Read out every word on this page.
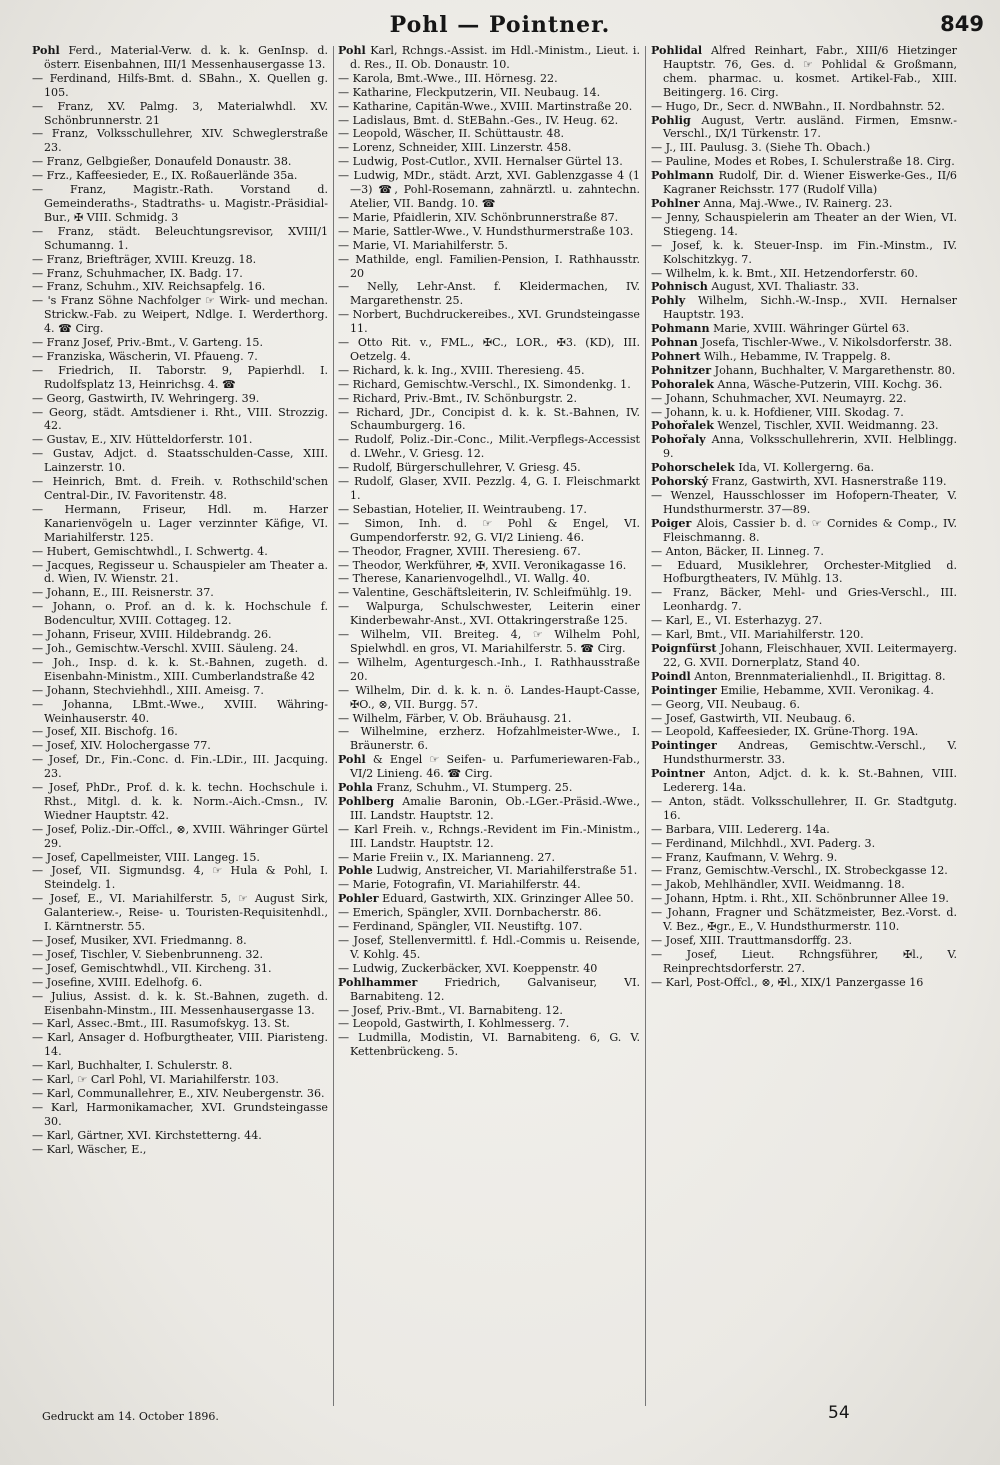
Pohl — Pointner.	849
Pohl Ferd., Material-Verw. d. k. k. GenInsp. d. österr. Eisenbahnen, III/1 Messenhausergasse 13.
— Ferdinand, Hilfs-Bmt. d. SBahn., X. Quellen g. 105.
— Franz, XV. Palmg. 3, Materialwhdl. XV. Schönbrunnerstr. 21
— Franz, Volksschullehrer, XIV. Schweglerstraße 23.
— Franz, Gelbgießer, Donaufeld Donaustr. 38.
— Frz., Kaffeesieder, E., IX. Roßauerlände 35a.
— Franz, Magistr.-Rath. Vorstand d. Gemeinderaths-, Stadtraths- u. Magistr.-Präsidial-Bur., ✠ VIII. Schmidg. 3
— Franz, städt. Beleuchtungsrevisor, XVIII/1 Schumanng. 1.
— Franz, Briefträger, XVIII. Kreuzg. 18.
— Franz, Schuhmacher, IX. Badg. 17.
— Franz, Schuhm., XIV. Reichsapfelg. 16.
— 's Franz Söhne Nachfolger ☞ Wirk- und mechan. Strickw.-Fab. zu Weipert, Ndlge. I. Werderthorg. 4. ☎ Cirg.
— Franz Josef, Priv.-Bmt., V. Garteng. 15.
— Franziska, Wäscherin, VI. Pfaueng. 7.
— Friedrich, II. Taborstr. 9, Papierhdl. I. Rudolfsplatz 13, Heinrichsg. 4. ☎
— Georg, Gastwirth, IV. Wehringerg. 39.
— Georg, städt. Amtsdiener i. Rht., VIII. Strozzig. 42.
— Gustav, E., XIV. Hütteldorferstr. 101.
— Gustav, Adjct. d. Staatsschulden-Casse, XIII. Lainzerstr. 10.
— Heinrich, Bmt. d. Freih. v. Rothschild'schen Central-Dir., IV. Favoritenstr. 48.
— Hermann, Friseur, Hdl. m. Harzer Kanarienvögeln u. Lager verzinnter Käfige, VI. Mariahilferstr. 125.
— Hubert, Gemischtwhdl., I. Schwertg. 4.
— Jacques, Regisseur u. Schauspieler am Theater a. d. Wien, IV. Wienstr. 21.
— Johann, E., III. Reisnerstr. 37.
— Johann, o. Prof. an d. k. k. Hochschule f. Bodencultur, XVIII. Cottageg. 12.
— Johann, Friseur, XVIII. Hildebrandg. 26.
— Joh., Gemischtw.-Verschl. XVIII. Säuleng. 24.
— Joh., Insp. d. k. k. St.-Bahnen, zugeth. d. Eisenbahn-Ministm., XIII. Cumberlandstraße 42
— Johann, Stechviehhdl., XIII. Ameisg. 7.
— Johanna, LBmt.-Wwe., XVIII. Währing-Weinhauserstr. 40.
— Josef, XII. Bischofg. 16.
— Josef, XIV. Holochergasse 77.
— Josef, Dr., Fin.-Conc. d. Fin.-LDir., III. Jacquing. 23.
— Josef, PhDr., Prof. d. k. k. techn. Hochschule i. Rhst., Mitgl. d. k. k. Norm.-Aich.-Cmsn., IV. Wiedner Hauptstr. 42.
— Josef, Poliz.-Dir.-Offcl., ⊗, XVIII. Währinger Gürtel 29.
— Josef, Capellmeister, VIII. Langeg. 15.
— Josef, VII. Sigmundsg. 4, ☞ Hula & Pohl, I. Steindelg. 1.
— Josef, E., VI. Mariahilferstr. 5, ☞ August Sirk, Galanteriew.-, Reise- u. Touristen-Requisitenhdl., I. Kärntnerstr. 55.
— Josef, Musiker, XVI. Friedmanng. 8.
— Josef, Tischler, V. Siebenbrunneng. 32.
— Josef, Gemischtwhdl., VII. Kircheng. 31.
— Josefine, XVIII. Edelhofg. 6.
— Julius, Assist. d. k. k. St.-Bahnen, zugeth. d. Eisenbahn-Minstm., III. Messenhausergasse 13.
— Karl, Assec.-Bmt., III. Rasumofskyg. 13. St.
— Karl, Ansager d. Hofburgtheater, VIII. Piaristeng. 14.
— Karl, Buchhalter, I. Schulerstr. 8.
— Karl, ☞ Carl Pohl, VI. Mariahilferstr. 103.
— Karl, Communallehrer, E., XIV. Neubergenstr. 36.
— Karl, Harmonikamacher, XVI. Grundsteingasse 30.
— Karl, Gärtner, XVI. Kirchstetterng. 44.
— Karl, Wäscher, E.,
Pohl Karl, Rchngs.-Assist. im Hdl.-Ministm., Lieut. i. d. Res., II. Ob. Donaustr. 10.
— Karola, Bmt.-Wwe., III. Hörnesg. 22.
— Katharine, Fleckputzerin, VII. Neubaug. 14.
— Katharine, Capitän-Wwe., XVIII. Martinstraße 20.
— Ladislaus, Bmt. d. StEBahn.-Ges., IV. Heug. 62.
— Leopold, Wäscher, II. Schüttaustr. 48.
— Lorenz, Schneider, XIII. Linzerstr. 458.
— Ludwig, Post-Cutlor., XVII. Hernalser Gürtel 13.
— Ludwig, MDr., städt. Arzt, XVI. Gablenzgasse 4 (1—3) ☎, Pohl-Rosemann, zahnärztl. u. zahntechn. Atelier, VII. Bandg. 10. ☎
— Marie, Pfaidlerin, XIV. Schönbrunnerstraße 87.
— Marie, Sattler-Wwe., V. Hundsthurmerstraße 103.
— Marie, VI. Mariahilferstr. 5.
— Mathilde, engl. Familien-Pension, I. Rathhausstr. 20
— Nelly, Lehr-Anst. f. Kleidermachen, IV. Margarethenstr. 25.
— Norbert, Buchdruckereibes., XVI. Grundsteingasse 11.
— Otto Rit. v., FML., ✠C., LOR., ✠3. (KD), III. Oetzelg. 4.
— Richard, k. k. Ing., XVIII. Theresieng. 45.
— Richard, Gemischtw.-Verschl., IX. Simondenkg. 1.
— Richard, Priv.-Bmt., IV. Schönburgstr. 2.
— Richard, JDr., Concipist d. k. k. St.-Bahnen, IV. Schaumburgerg. 16.
— Rudolf, Poliz.-Dir.-Conc., Milit.-Verpflegs-Accessist d. LWehr., V. Griesg. 12.
— Rudolf, Bürgerschullehrer, V. Griesg. 45.
— Rudolf, Glaser, XVII. Pezzlg. 4, G. I. Fleischmarkt 1.
— Sebastian, Hotelier, II. Weintraubeng. 17.
— Simon, Inh. d. ☞ Pohl & Engel, VI. Gumpendorferstr. 92, G. VI/2 Linieng. 46.
— Theodor, Fragner, XVIII. Theresieng. 67.
— Theodor, Werkführer, ✠, XVII. Veronikagasse 16.
— Therese, Kanarienvogelhdl., VI. Wallg. 40.
— Valentine, Geschäftsleiterin, IV. Schleifmühlg. 19.
— Walpurga, Schulschwester, Leiterin einer Kinderbewahr-Anst., XVI. Ottakringerstraße 125.
— Wilhelm, VII. Breiteg. 4, ☞ Wilhelm Pohl, Spielwhdl. en gros, VI. Mariahilferstr. 5. ☎ Cirg.
— Wilhelm, Agenturgesch.-Inh., I. Rathhausstraße 20.
— Wilhelm, Dir. d. k. k. n. ö. Landes-Haupt-Casse, ✠O., ⊗, VII. Burgg. 57.
— Wilhelm, Färber, V. Ob. Bräuhausg. 21.
— Wilhelmine, erzherz. Hofzahlmeister-Wwe., I. Bräunerstr. 6.
Pohl & Engel ☞ Seifen- u. Parfumeriewaren-Fab., VI/2 Linieng. 46. ☎ Cirg.
Pohla Franz, Schuhm., VI. Stumperg. 25.
Pohlberg Amalie Baronin, Ob.-LGer.-Präsid.-Wwe., III. Landstr. Hauptstr. 12.
— Karl Freih. v., Rchngs.-Revident im Fin.-Ministm., III. Landstr. Hauptstr. 12.
— Marie Freiin v., IX. Marianneng. 27.
Pohle Ludwig, Anstreicher, VI. Mariahilferstraße 51.
— Marie, Fotografin, VI. Mariahilferstr. 44.
Pohler Eduard, Gastwirth, XIX. Grinzinger Allee 50.
— Emerich, Spängler, XVII. Dornbacherstr. 86.
— Ferdinand, Spängler, VII. Neustiftg. 107.
— Josef, Stellenvermittl. f. Hdl.-Commis u. Reisende, V. Kohlg. 45.
— Ludwig, Zuckerbäcker, XVI. Koeppenstr. 40
Pohlhammer Friedrich, Galvaniseur, VI. Barnabiteng. 12.
— Josef, Priv.-Bmt., VI. Barnabiteng. 12.
— Leopold, Gastwirth, I. Kohlmesserg. 7.
— Ludmilla, Modistin, VI. Barnabiteng. 6, G. V. Kettenbrückeng. 5.
Pohlidal Alfred Reinhart, Fabr., XIII/6 Hietzinger Hauptstr. 76, Ges. d. ☞ Pohlidal & Großmann, chem. pharmac. u. kosmet. Artikel-Fab., XIII. Beitingerg. 16. Cirg.
— Hugo, Dr., Secr. d. NWBahn., II. Nordbahnstr. 52.
Pohlig August, Vertr. ausländ. Firmen, Emsnw.-Verschl., IX/1 Türkenstr. 17.
— J., III. Paulusg. 3. (Siehe Th. Obach.)
— Pauline, Modes et Robes, I. Schulerstraße 18. Cirg.
Pohlmann Rudolf, Dir. d. Wiener Eiswerke-Ges., II/6 Kagraner Reichsstr. 177 (Rudolf Villa)
Pohlner Anna, Maj.-Wwe., IV. Rainerg. 23.
— Jenny, Schauspielerin am Theater an der Wien, VI. Stiegeng. 14.
— Josef, k. k. Steuer-Insp. im Fin.-Minstm., IV. Kolschitzkyg. 7.
— Wilhelm, k. k. Bmt., XII. Hetzendorferstr. 60.
Pohnisch August, XVI. Thaliastr. 33.
Pohly Wilhelm, Sichh.-W.-Insp., XVII. Hernalser Hauptstr. 193.
Pohmann Marie, XVIII. Währinger Gürtel 63.
Pohnan Josefa, Tischler-Wwe., V. Nikolsdorferstr. 38.
Pohnert Wilh., Hebamme, IV. Trappelg. 8.
Pohnitzer Johann, Buchhalter, V. Margarethenstr. 80.
Pohoralek Anna, Wäsche-Putzerin, VIII. Kochg. 36.
— Johann, Schuhmacher, XVI. Neumayrg. 22.
— Johann, k. u. k. Hofdiener, VIII. Skodag. 7.
Pohořalek Wenzel, Tischler, XVII. Weidmanng. 23.
Pohořaly Anna, Volksschullehrerin, XVII. Helblingg. 9.
Pohorschelek Ida, VI. Kollergerng. 6a.
Pohorský Franz, Gastwirth, XVI. Hasnerstraße 119.
— Wenzel, Hausschlosser im Hofopern-Theater, V. Hundsthurmerstr. 37—89.
Poiger Alois, Cassier b. d. ☞ Cornides & Comp., IV. Fleischmanng. 8.
— Anton, Bäcker, II. Linneg. 7.
— Eduard, Musiklehrer, Orchester-Mitglied d. Hofburgtheaters, IV. Mühlg. 13.
— Franz, Bäcker, Mehl- und Gries-Verschl., III. Leonhardg. 7.
— Karl, E., VI. Esterhazyg. 27.
— Karl, Bmt., VII. Mariahilferstr. 120.
Poignfürst Johann, Fleischhauer, XVII. Leitermayerg. 22, G. XVII. Dornerplatz, Stand 40.
Poindl Anton, Brennmaterialienhdl., II. Brigittag. 8.
Pointinger Emilie, Hebamme, XVII. Veronikag. 4.
— Georg, VII. Neubaug. 6.
— Josef, Gastwirth, VII. Neubaug. 6.
— Leopold, Kaffeesieder, IX. Grüne-Thorg. 19A.
Pointinger Andreas, Gemischtw.-Verschl., V. Hundsthurmerstr. 33.
Pointner Anton, Adjct. d. k. k. St.-Bahnen, VIII. Ledererg. 14a.
— Anton, städt. Volksschullehrer, II. Gr. Stadtgutg. 16.
— Barbara, VIII. Ledererg. 14a.
— Ferdinand, Milchhdl., XVI. Paderg. 3.
— Franz, Kaufmann, V. Wehrg. 9.
— Franz, Gemischtw.-Verschl., IX. Strobeckgasse 12.
— Jakob, Mehlhändler, XVII. Weidmanng. 18.
— Johann, Hptm. i. Rht., XII. Schönbrunner Allee 19.
— Johann, Fragner und Schätzmeister, Bez.-Vorst. d. V. Bez., ✠gr., E., V. Hundsthurmerstr. 110.
— Josef, XIII. Trauttmansdorffg. 23.
— Josef, Lieut. Rchngsführer, ✠l., V. Reinprechtsdorferstr. 27.
— Karl, Post-Offcl., ⊗, ✠l., XIX/1 Panzergasse 16
Gedruckt am 14. October 1896.	54
